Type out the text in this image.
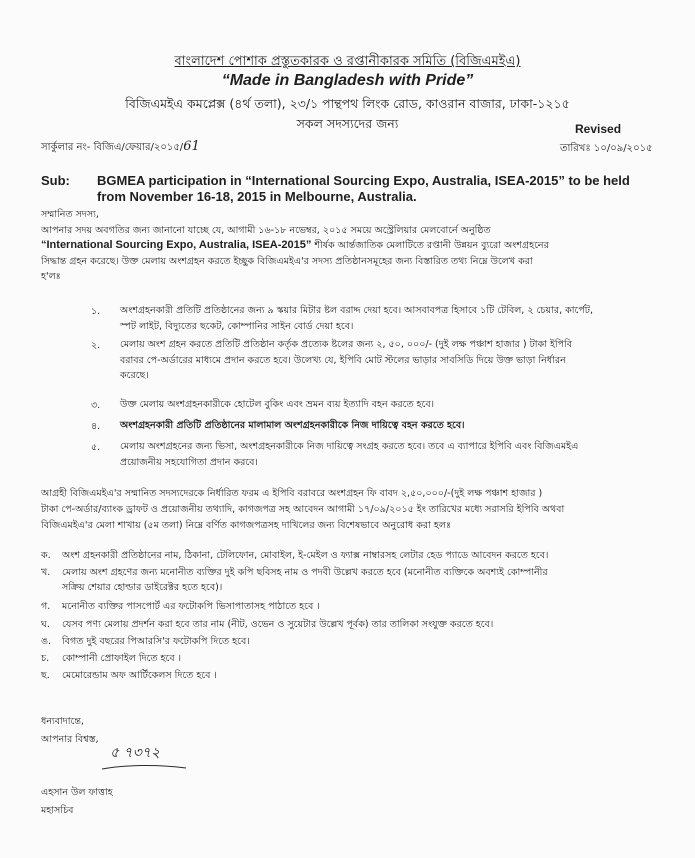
বাংলাদেশ পোশাক প্রস্তুতকারক ও রপ্তানীকারক সমিতি (বিজিএমইএ)
“Made in Bangladesh with Pride”
বিজিএমইএ কমপ্লেক্স (৪র্থ তলা), ২৩/১ পান্থপথ লিংক রোড, কাওরান বাজার, ঢাকা-১২১৫
সকল সদস্যদের জন্য	Revised
সার্কুলার নং- বিজিএ/ফেয়ার/২০১৫/61	তারিখঃ ১০/০৯/২০১৫
Sub: BGMEA participation in “International Sourcing Expo, Australia, ISEA-2015” to be held from November 16-18, 2015 in Melbourne, Australia.
সম্মানিত সদস্য,
আপনার সদয় অবগতির জন্য জানানো যাচ্ছে যে, আগামী ১৬-১৮ নভেম্বর, ২০১৫ সময়ে অস্ট্রেলিয়ার মেলবোর্নে অনুষ্ঠিত
“International Sourcing Expo, Australia, ISEA-2015” শীর্ষক আর্ন্তজাতিক মেলাটিতে রপ্তানী উন্নয়ন ব্যুরো অংশগ্রহনের
সিদ্ধান্ত গ্রহন করেছে। উক্ত মেলায় অংশগ্রহন করতে ইচ্ছুক বিজিএমইএ'র সদস্য প্রতিষ্ঠানসমূহের জন্য বিস্তারিত তথ্য নিম্নে উলেখ করা
হ'লঃ
১. অংশগ্রহনকারী প্রতিটি প্রতিষ্ঠানের জন্য ৯ স্কয়ার মিটার ষ্টল বরাদ্দ দেয়া হবে। আসবাবপত্র হিসাবে ১টি টেবিল, ২ চেয়ার, কার্পেট,
স্পট লাইট, বিদ্যুতের ছকেট, কোম্পানির সাইন বোর্ড দেয়া হবে।
২. মেলায় অংশ গ্রহন করতে প্রতিটি প্রতিষ্ঠান কর্তৃক প্রত্যেক ষ্টলের জন্য ২, ৫০, ০০০/- (দুই লক্ষ পঞ্চাশ হাজার ) টাকা ইপিবি
বরাবর পে-অর্ডারের মাধ্যমে প্রদান করতে হবে। উলেখ্য যে, ইপিবি মোট স্টলের ভাড়ার সাবসিডি দিয়ে উক্ত ভাড়া নির্ধারন
করেছে।
৩. উক্ত মেলায় অংশগ্রহনকারীকে হোটেল বুকিং এবং ভ্রমন ব্যয় ইত্যাদি বহন করতে হবে।
৪. অংশগ্রহনকারী প্রতিটি প্রতিষ্ঠানের মালামাল অংশগ্রহনকারীকে নিজ দায়িত্বে বহন করতে হবে।
৫. মেলায় অংশগ্রহনের জন্য ভিসা, অংশগ্রহনকারীকে নিজ দায়িত্বে সংগ্রহ করতে হবে। তবে এ ব্যাপারে ইপিবি এবং বিজিএমইএ
প্রয়োজনীয় সহযোগিতা প্রদান করবে।
আগ্রহী বিজিএমইএ'র সম্মানিত সদস্যদেরকে নির্ধারিত ফরম এ ইপিবি বরাবরে অংশগ্রহন ফি বাবদ ২,৫০,০০০/-(দুই লক্ষ পঞ্চাশ হাজার )
টাকা পে-অর্ডার/ব্যাংক ড্রাফট ও প্রয়োজনীয় তথ্যাদি, কাগজপত্র সহ আবেদন আগামী ১৭/০৯/২০১৫ ইং তারিখের মধ্যে সরাসরি ইপিবি অথবা
বিজিএমইএ'র মেলা শাখায় (৫ম তলা) নিম্নে বর্ণিত কাগজপত্রসহ দাখিলের জন্য বিশেষভাবে অনুরোধ করা হলঃ
ক. অংশ গ্রহনকারী প্রতিষ্ঠানের নাম, ঠিকানা, টেলিফোন, মোবাইল, ই-মেইল ও ফ্যাক্স নাম্বারসহ লেটার হেড প্যাডে আবেদন করতে হবে।
খ. মেলায় অংশ গ্রহণের জন্য মনোনীত ব্যক্তির দুই কপি ছবিসহ নাম ও পদবী উল্লেখ করতে হবে (মনোনীত ব্যক্তিকে অবশ্যই কোম্পানীর
সক্রিয় শেয়ার হোল্ডার ডাইরেক্টর হতে হবে)।
গ. মনোনীত ব্যক্তির পাসপোর্ট এর ফটোকপি ভিসাপাতাসহ পাঠাতে হবে ।
ঘ. যেসব পণ্য মেলায় প্রদর্শন করা হবে তার নাম (নীট, ওভেন ও সুয়েটার উল্লেখ পূর্বক) তার তালিকা সংযুক্ত করতে হবে।
ঙ. বিগত দুই বছরের পিআরসি'র ফটোকপি দিতে হবে।
চ. কোম্পানী প্রোফাইল দিতে হবে ।
ছ. মেমোরেন্ডাম অফ আর্টিকেলস দিতে হবে ।
ধন্যবাদান্তে,
আপনার বিশ্বস্ত,
৫ ৭৩৭২
এহসান উল ফাত্তাহ
মহাসচিব
